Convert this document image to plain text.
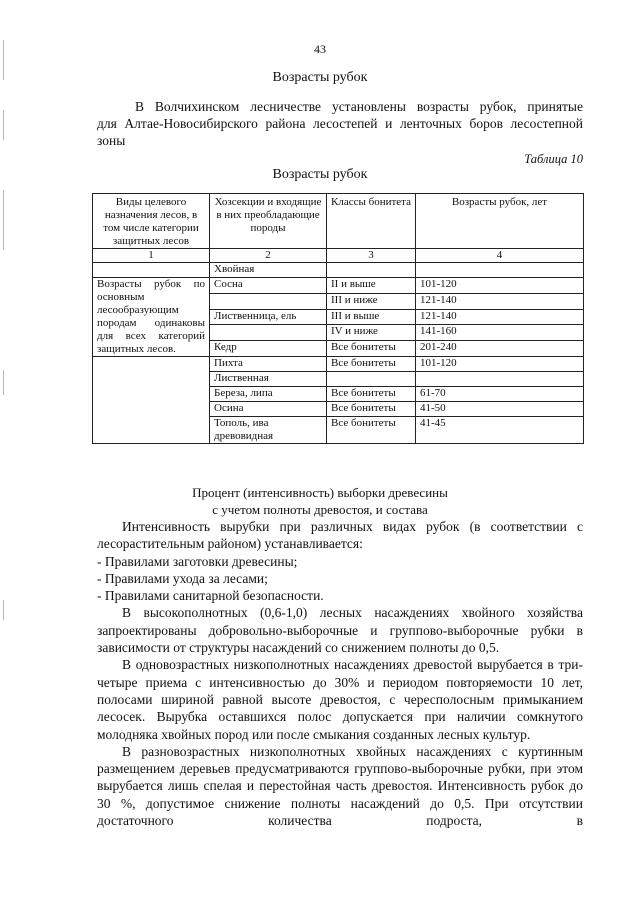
43
Возрасты рубок

В Волчихинском лесничестве установлены возрасты рубок, принятые

для Алтае-Новосибирского района лесостепей и ленточных боров лесостепной зоны

Таблица 10
Возрасты рубок
Виды целевого назначения лесов, в том числе категории защитных лесов	Хозсекции и входящие в них преобладающие породы	Классы бонитета	Возрасты рубок, лет
1	2	3	4
	Хвойная		
Возрасты рубок по основным лесообразующим породам одинаковы для всех категорий защитных лесов.	Сосна	II и выше	101-120
		III и ниже	121-140
	Лиственница, ель	III и выше	121-140
		IV и ниже	141-160
	Кедр	Все бонитеты	201-240
	Пихта	Все бонитеты	101-120
	Лиственная		
	Береза, липа	Все бонитеты	61-70
	Осина	Все бонитеты	41-50
	Тополь, ива древовидная	Все бонитеты	41-45
Процент (интенсивность) выборки древесины
с учетом полноты древостоя, и состава

Интенсивность вырубки при различных видах рубок (в соответствии с лесорастительным районом) устанавливается:

- Правилами заготовки древесины;

- Правилами ухода за лесами;

- Правилами санитарной безопасности.

В высокополнотных (0,6-1,0) лесных насаждениях хвойного хозяйства запроектированы добровольно-выборочные и группово-выборочные рубки в зависимости от структуры насаждений со снижением полноты до 0,5.

В одновозрастных низкополнотных насаждениях древостой вырубается в три-четыре приема с интенсивностью до 30% и периодом повторяемости 10 лет, полосами шириной равной высоте древостоя, с чересполосным примыканием лесосек. Вырубка оставшихся полос допускается при наличии сомкнутого молодняка хвойных пород или после смыкания созданных лесных культур.

В разновозрастных низкополнотных хвойных насаждениях с куртинным размещением деревьев предусматриваются группово-выборочные рубки, при этом вырубается лишь спелая и перестойная часть древостоя. Интенсивность рубок до 30 %, допустимое снижение полноты насаждений до 0,5. При отсутствии достаточного количества подроста, в
